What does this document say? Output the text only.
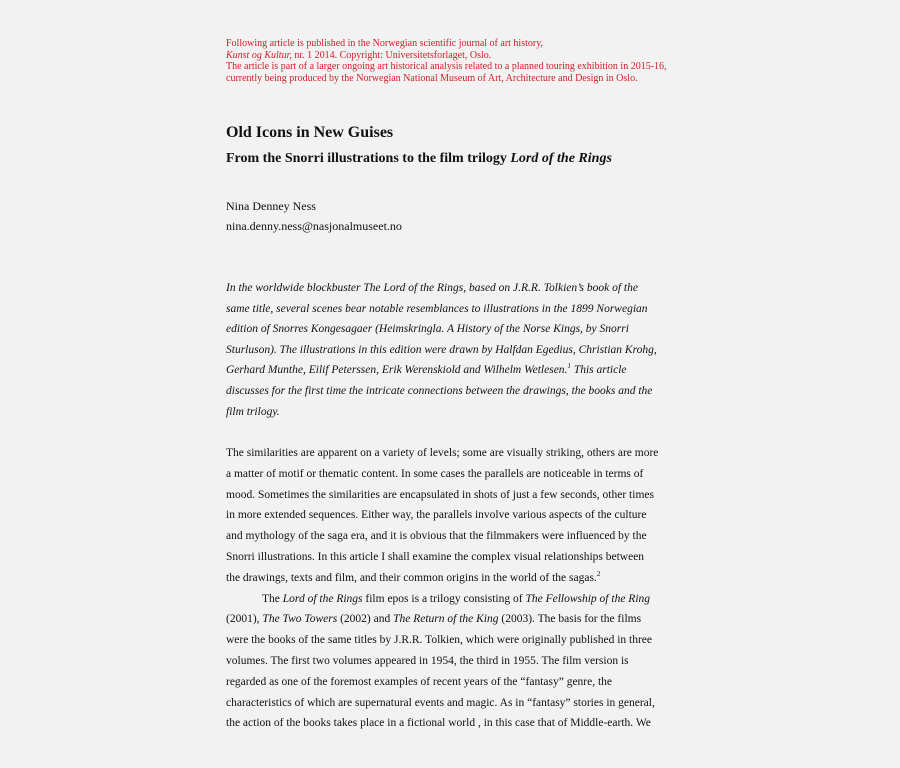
Following article is published in the Norwegian scientific journal of art history,
Kunst og Kultur, nr. 1 2014. Copyright: Universitetsforlaget, Oslo.
The article is part of a larger ongoing art historical analysis related to a planned touring exhibition in 2015-16,
currently being produced by the Norwegian National Museum of Art, Architecture and Design in Oslo.
Old Icons in New Guises
From the Snorri illustrations to the film trilogy Lord of the Rings
Nina Denney Ness
nina.denny.ness@nasjonalmuseet.no
In the worldwide blockbuster The Lord of the Rings, based on J.R.R. Tolkien’s book of the
same title, several scenes bear notable resemblances to illustrations in the 1899 Norwegian
edition of Snorres Kongesagaer (Heimskringla. A History of the Norse Kings, by Snorri
Sturluson). The illustrations in this edition were drawn by Halfdan Egedius, Christian Krohg,
Gerhard Munthe, Eilif Peterssen, Erik Werenskiold and Wilhelm Wetlesen.$^1$ This article
discusses for the first time the intricate connections between the drawings, the books and the
film trilogy.
The similarities are apparent on a variety of levels; some are visually striking, others are more
a matter of motif or thematic content. In some cases the parallels are noticeable in terms of
mood. Sometimes the similarities are encapsulated in shots of just a few seconds, other times
in more extended sequences. Either way, the parallels involve various aspects of the culture
and mythology of the saga era, and it is obvious that the filmmakers were influenced by the
Snorri illustrations. In this article I shall examine the complex visual relationships between
the drawings, texts and film, and their common origins in the world of the sagas.$^2$
The Lord of the Rings film epos is a trilogy consisting of The Fellowship of the Ring
(2001), The Two Towers (2002) and The Return of the King (2003). The basis for the films
were the books of the same titles by J.R.R. Tolkien, which were originally published in three
volumes. The first two volumes appeared in 1954, the third in 1955. The film version is
regarded as one of the foremost examples of recent years of the “fantasy” genre, the
characteristics of which are supernatural events and magic. As in “fantasy” stories in general,
the action of the books takes place in a fictional world , in this case that of Middle-earth. We
